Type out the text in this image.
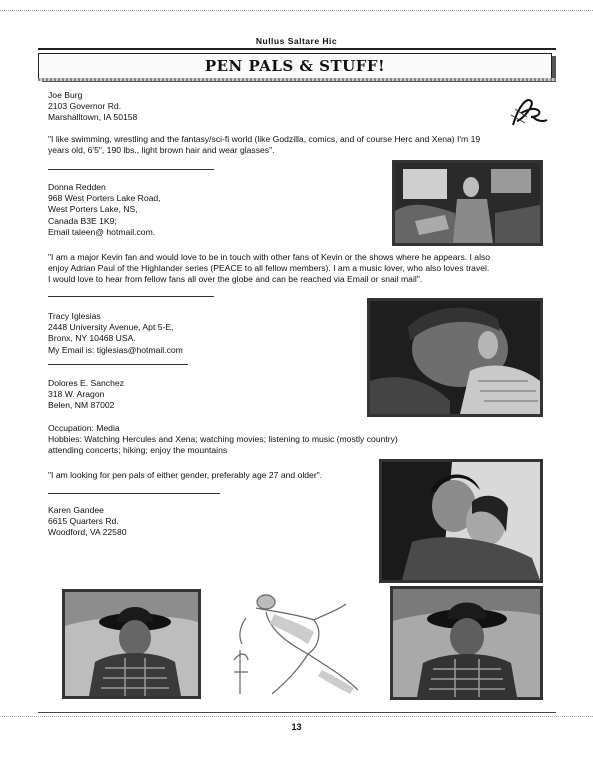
Nullus Saltare Hic
PEN PALS & STUFF!
Joe Burg
2103 Governor Rd.
Marshalltown, IA 50158
"I like swimming, wrestling and the fantasy/sci-fi world (like Godzilla, comics, and of course Herc and Xena) I'm 19
years old, 6'5", 190 lbs., light brown hair and wear glasses".
Donna Redden
968 West Porters Lake Road,
West Porters Lake, NS,
Canada B3E 1K9;
Email taleen@ hotmail.com.
"I am a major Kevin fan and would love to be in touch with other fans of Kevin or the shows where he appears. I also
enjoy Adrian Paul of the Highlander series (PEACE to all fellow members). I am a music lover, who also loves travel.
I would love to hear from fellow fans all over the globe and can be reached via Email or snail mail".
Tracy Iglesias
2448 University Avenue, Apt 5-E,
Bronx, NY 10468 USA.
My Email is: tiglesias@hotmail.com
Dolores E. Sanchez
318 W. Aragon
Belen, NM 87002
Occupation: Media
Hobbies: Watching Hercules and Xena; watching movies; listening to music (mostly country)
attending concerts; hiking; enjoy the mountains
"I am looking for pen pals of either gender, preferably age 27 and older".
Karen Gandee
6615 Quarters Rd.
Woodford, VA 22580
13
